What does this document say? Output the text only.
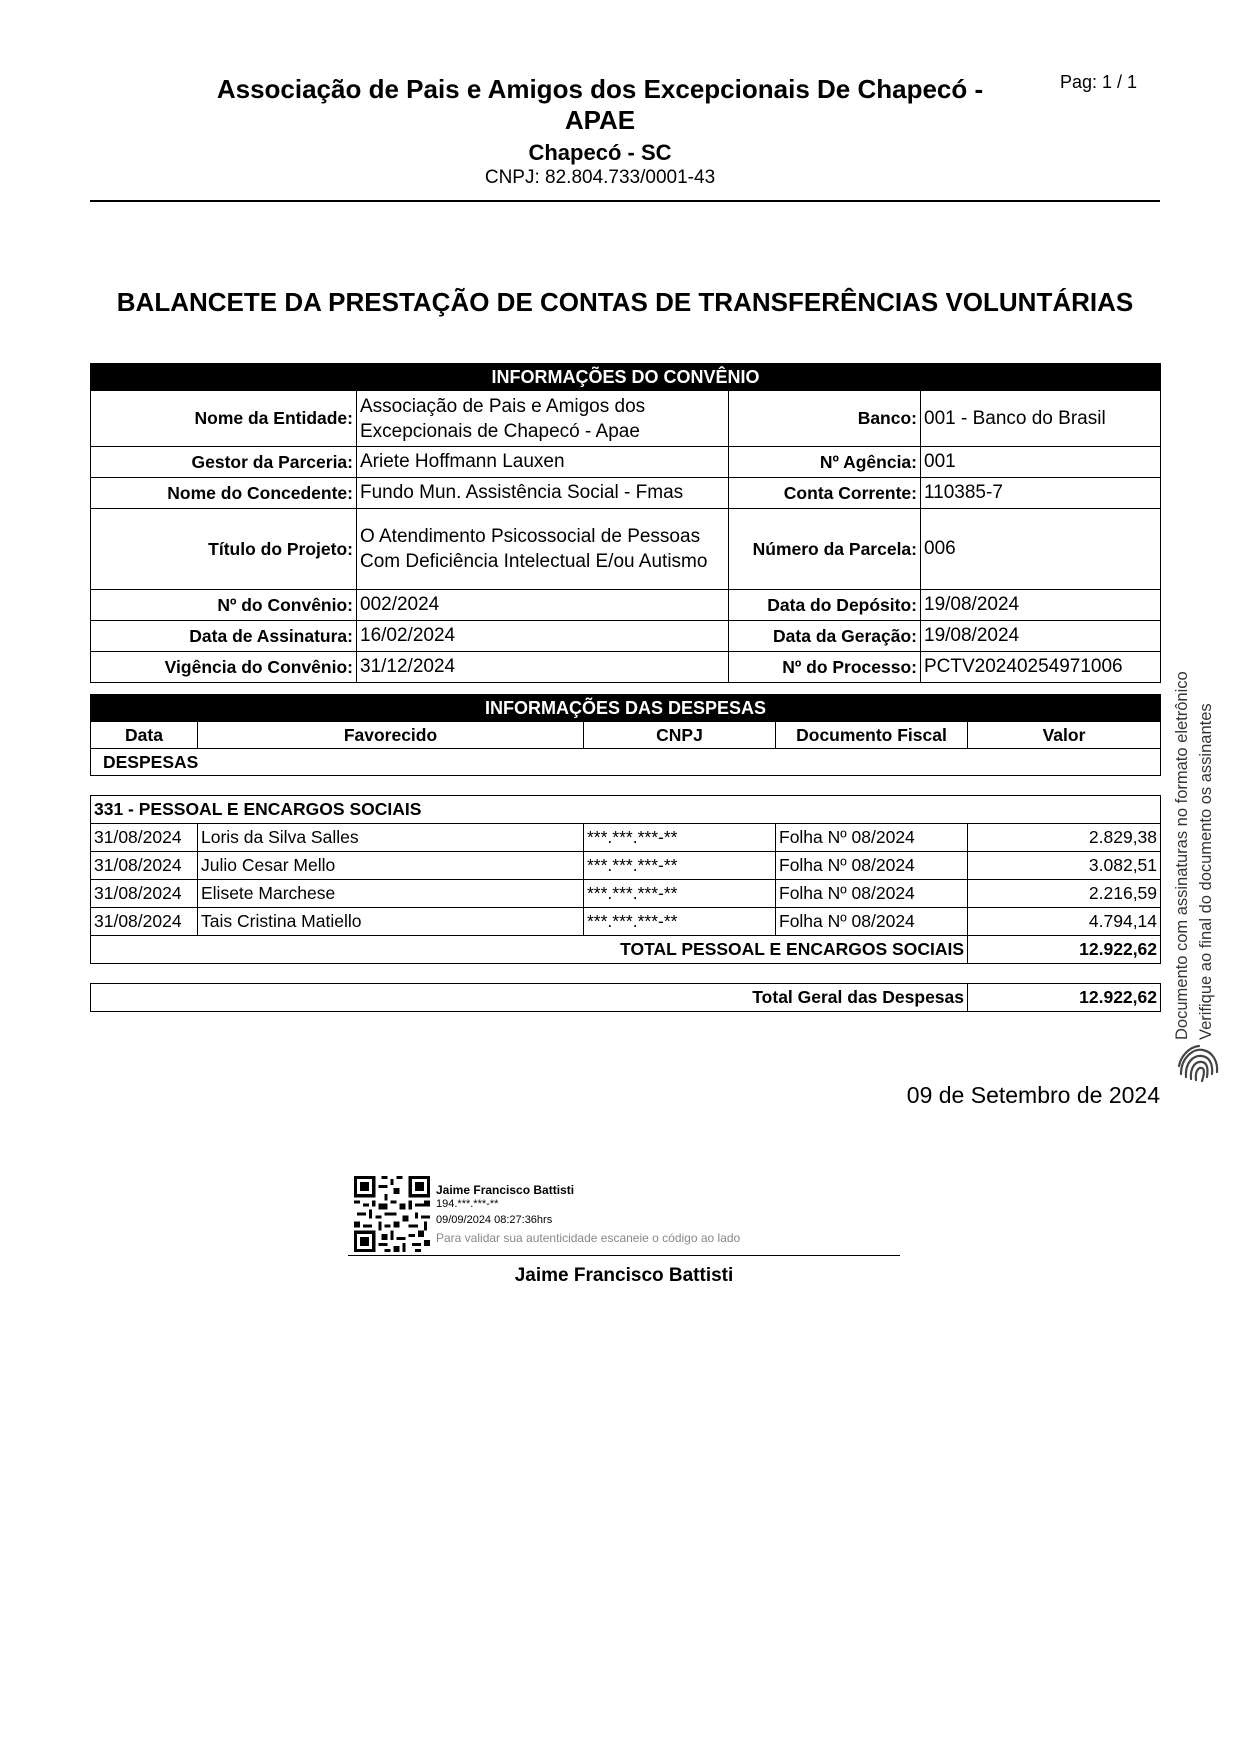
Associação de Pais e Amigos dos Excepcionais De Chapecó - APAE
Chapecó - SC
CNPJ: 82.804.733/0001-43
Pag: 1 / 1
BALANCETE DA PRESTAÇÃO DE CONTAS DE TRANSFERÊNCIAS VOLUNTÁRIAS
INFORMAÇÕES DO CONVÊNIO			
Nome da Entidade:	Associação de Pais e Amigos dos Excepcionais de Chapecó - Apae	Banco:	001 - Banco do Brasil
Gestor da Parceria:	Ariete Hoffmann Lauxen	Nº Agência:	001
Nome do Concedente:	Fundo Mun. Assistência Social - Fmas	Conta Corrente:	110385-7
Título do Projeto:	O Atendimento Psicossocial de Pessoas Com Deficiência Intelectual E/ou Autismo	Número da Parcela:	006
Nº do Convênio:	002/2024	Data do Depósito:	19/08/2024
Data de Assinatura:	16/02/2024	Data da Geração:	19/08/2024
Vigência do Convênio:	31/12/2024	Nº do Processo:	PCTV20240254971006
INFORMAÇÕES DAS DESPESAS
Data	Favorecido	CNPJ	Documento Fiscal	Valor
DESPESAS
331 - PESSOAL E ENCARGOS SOCIAIS				
31/08/2024	Loris da Silva Salles	***.***.***-**	Folha Nº 08/2024	2.829,38
31/08/2024	Julio Cesar Mello	***.***.***-**	Folha Nº 08/2024	3.082,51
31/08/2024	Elisete Marchese	***.***.***-**	Folha Nº 08/2024	2.216,59
31/08/2024	Tais Cristina Matiello	***.***.***-**	Folha Nº 08/2024	4.794,14
TOTAL PESSOAL E ENCARGOS SOCIAIS				12.922,62
Total Geral das Despesas	12.922,62
09 de Setembro de 2024
Jaime Francisco Battisti
194.***.***-**
09/09/2024 08:27:36hrs
Para validar sua autenticidade escaneie o código ao lado
Jaime Francisco Battisti
Documento com assinaturas no formato eletrônico Verifique ao final do documento os assinantes
